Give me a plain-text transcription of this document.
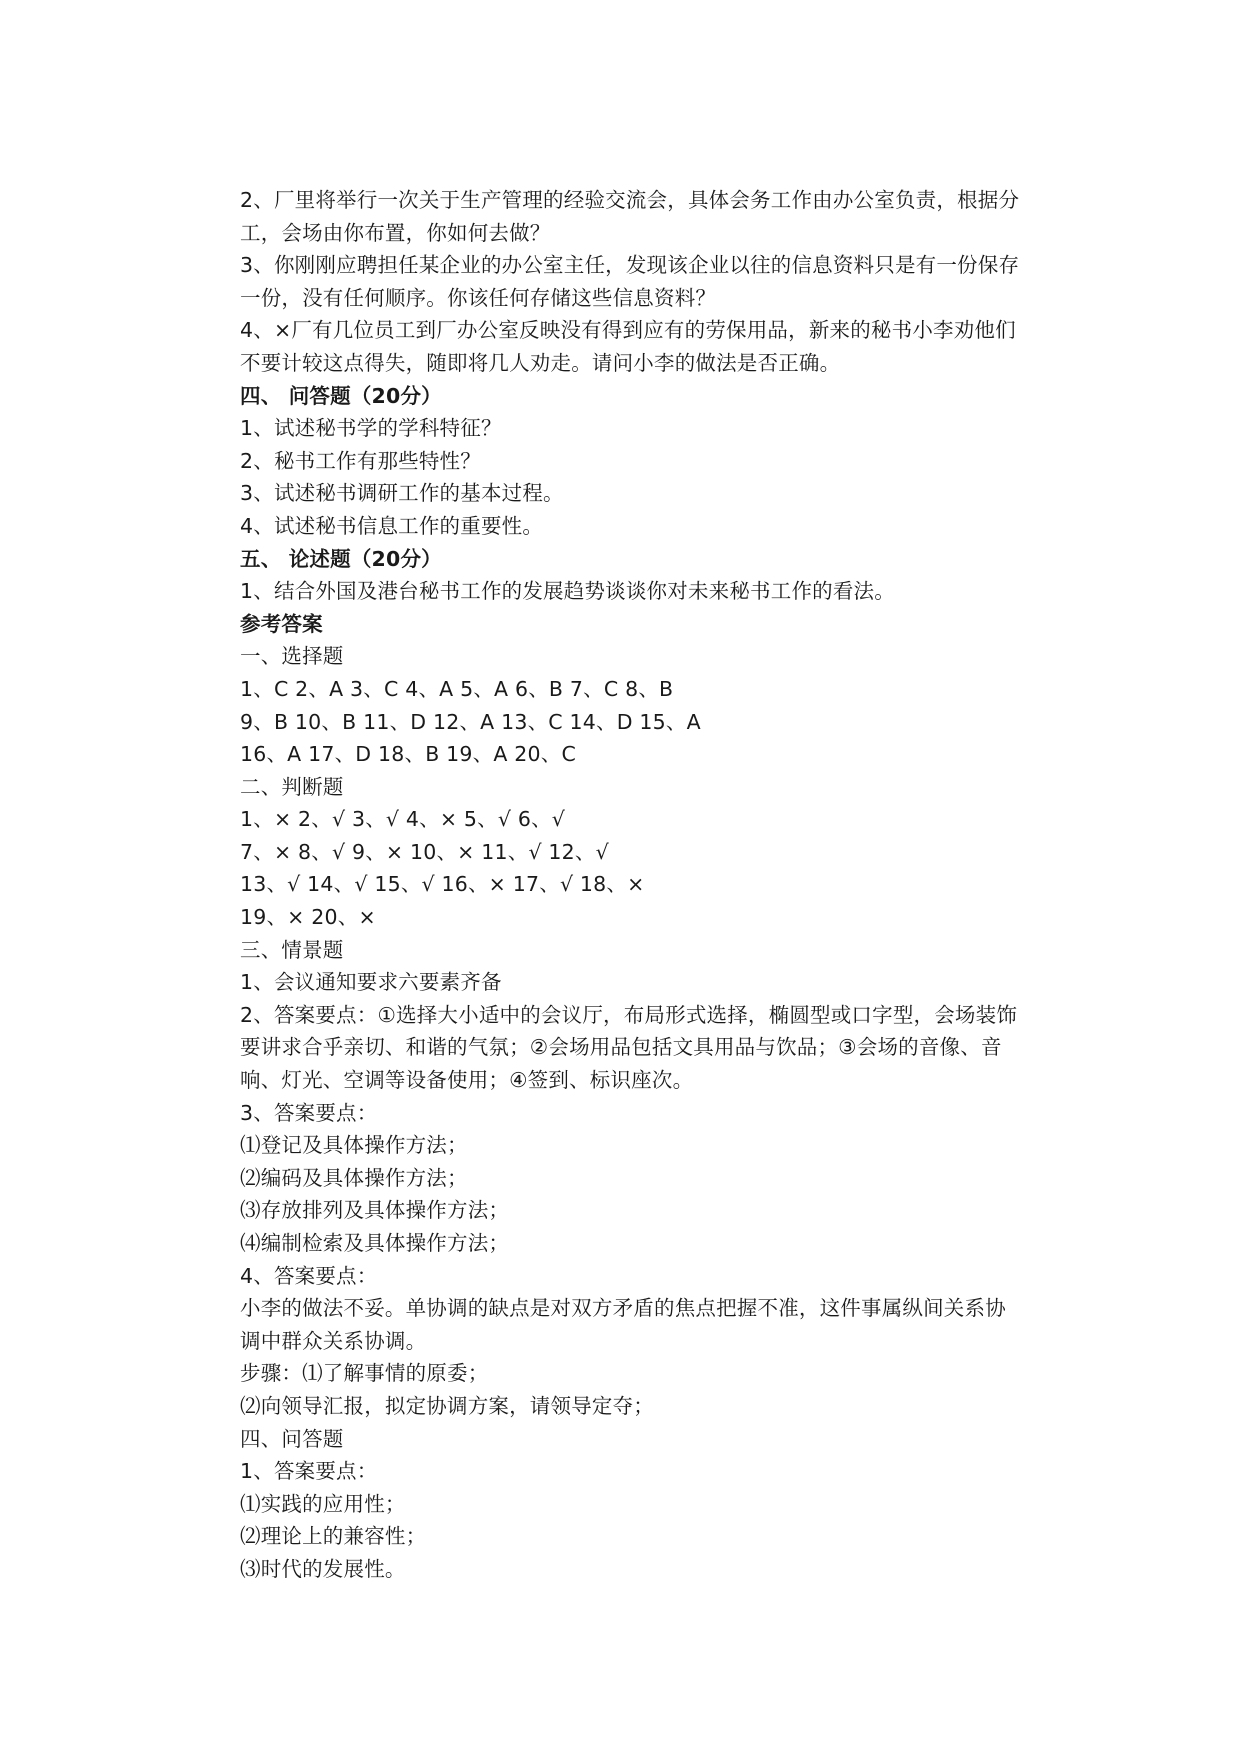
2、厂里将举行一次关于生产管理的经验交流会，具体会务工作由办公室负责，根据分
工，会场由你布置，你如何去做？
3、你刚刚应聘担任某企业的办公室主任，发现该企业以往的信息资料只是有一份保存
一份，没有任何顺序。你该任何存储这些信息资料？
4、×厂有几位员工到厂办公室反映没有得到应有的劳保用品，新来的秘书小李劝他们
不要计较这点得失，随即将几人劝走。请问小李的做法是否正确。
四、 问答题（20分）
1、试述秘书学的学科特征？
2、秘书工作有那些特性？
3、试述秘书调研工作的基本过程。
4、试述秘书信息工作的重要性。
五、 论述题（20分）
1、结合外国及港台秘书工作的发展趋势谈谈你对未来秘书工作的看法。
参考答案
一、选择题
1、C 2、A 3、C 4、A 5、A 6、B 7、C 8、B
9、B 10、B 11、D 12、A 13、C 14、D 15、A
16、A 17、D 18、B 19、A 20、C
二、判断题
1、× 2、√ 3、√ 4、× 5、√ 6、√
7、× 8、√ 9、× 10、× 11、√ 12、√
13、√ 14、√ 15、√ 16、× 17、√ 18、×
19、× 20、×
三、情景题
1、会议通知要求六要素齐备
2、答案要点：①选择大小适中的会议厅，布局形式选择，椭圆型或口字型，会场装饰
要讲求合乎亲切、和谐的气氛；②会场用品包括文具用品与饮品；③会场的音像、音
响、灯光、空调等设备使用；④签到、标识座次。
3、答案要点：
⑴登记及具体操作方法；
⑵编码及具体操作方法；
⑶存放排列及具体操作方法；
⑷编制检索及具体操作方法；
4、答案要点：
小李的做法不妥。单协调的缺点是对双方矛盾的焦点把握不准，这件事属纵间关系协
调中群众关系协调。
步骤：⑴了解事情的原委；
⑵向领导汇报，拟定协调方案，请领导定夺；
四、问答题
1、答案要点：
⑴实践的应用性；
⑵理论上的兼容性；
⑶时代的发展性。
